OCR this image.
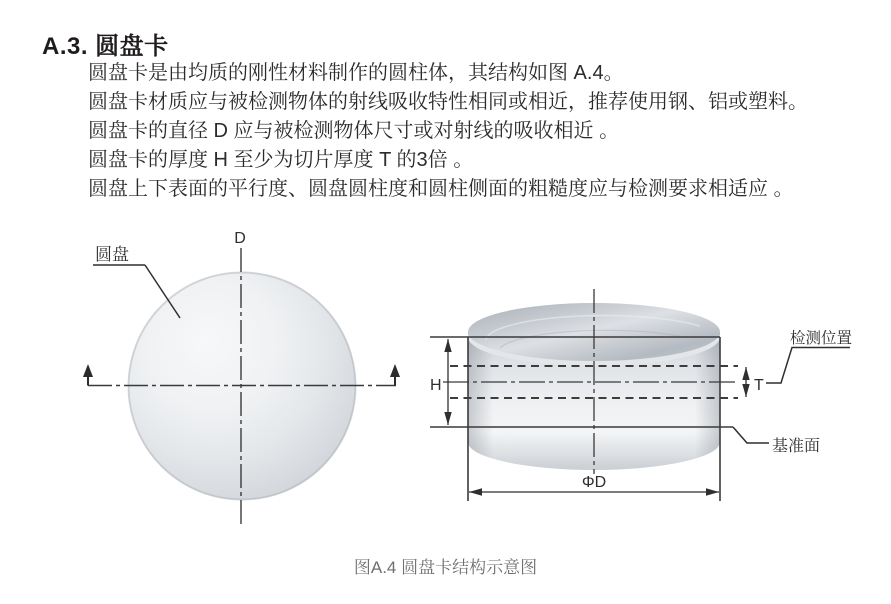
A.3. 圆盘卡

圆盘卡是由均质的刚性材料制作的圆柱体，其结构如图 A.4。

圆盘卡材质应与被检测物体的射线吸收特性相同或相近，推荐使用钢、铝或塑料。

圆盘卡的直径 D 应与被检测物体尺寸或对射线的吸收相近 。

圆盘卡的厚度 H 至少为切片厚度 T 的3倍 。

圆盘上下表面的平行度、圆盘圆柱度和圆柱侧面的粗糙度应与检测要求相适应 。

D
圆盘
H	T
检测位置
基准面
ΦD
图A.4 圆盘卡结构示意图
